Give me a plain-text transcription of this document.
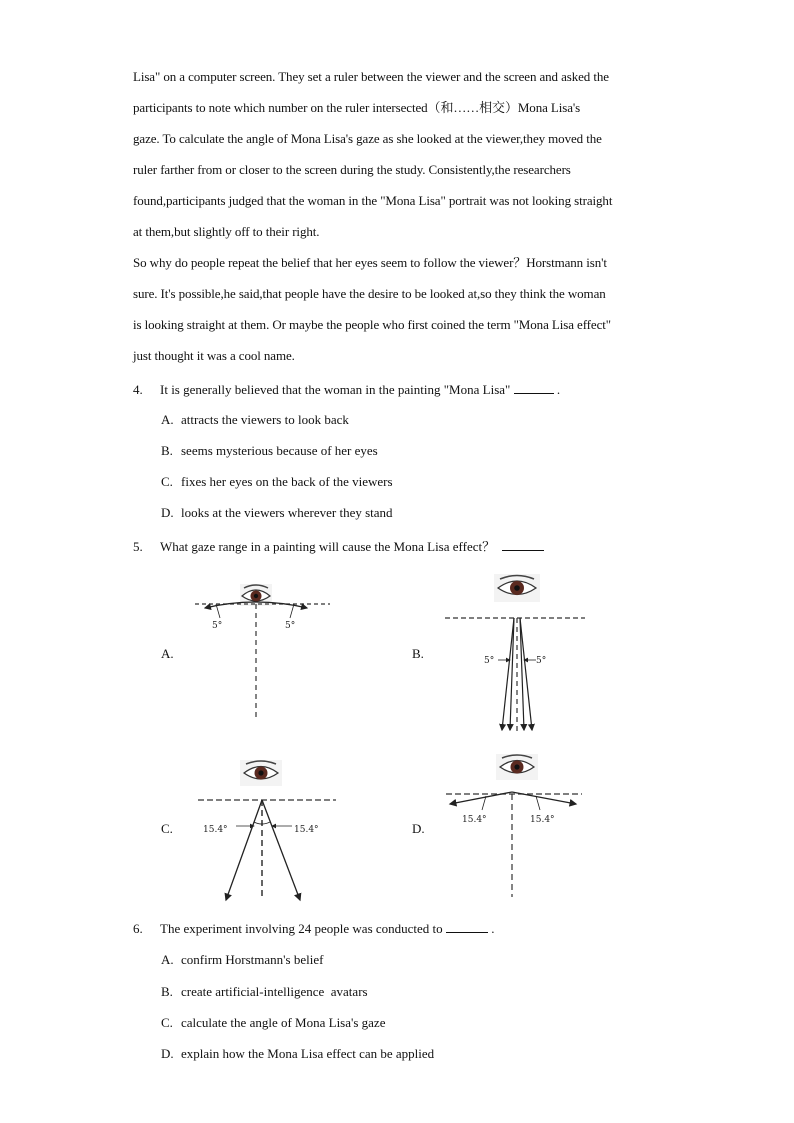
Lisa" on a computer screen. They set a ruler between the viewer and the screen and asked the

participants to note which number on the ruler intersected（和……相交）Mona Lisa's

gaze. To calculate the angle of Mona Lisa's gaze as she looked at the viewer,they moved the

ruler farther from or closer to the screen during the study. Consistently,the researchers

found,participants judged that the woman in the "Mona Lisa" portrait was not looking straight

at them,but slightly off to their right.

So why do people repeat the belief that her eyes seem to follow the viewer？Horstmann isn't

sure. It's possible,he said,that people have the desire to be looked at,so they think the woman

is looking straight at them. Or maybe the people who first coined the term "Mona Lisa effect"

just thought it was a cool name.

4. It is generally believed that the woman in the painting "Mona Lisa"	.
A. attracts the viewers to look back
B. seems mysterious because of her eyes
C. fixes her eyes on the back of the viewers
D. looks at the viewers wherever they stand
5. What gaze range in a painting will cause the Mona Lisa effect？
A.
5°	5°
B.	5°	5°
C.	15.4°	15.4°	D.
15.4°	15.4°
6. The experiment involving 24 people was conducted to	.
A. confirm Horstmann's belief
B. create artificial-intelligence  avatars
C. calculate the angle of Mona Lisa's gaze
D. explain how the Mona Lisa effect can be applied
